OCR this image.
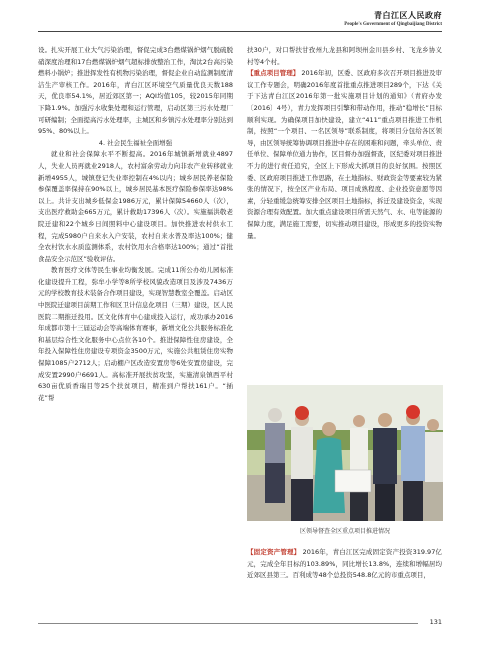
青白江区人民政府
People's Government of Qingbaijiang District

设。扎实开展工业大气污染治理，督促完成3台燃煤锅炉烟气脱硫脱硝深度治理和17台燃煤锅炉烟气超标排放整治工作，淘汰2台高污染燃料小锅炉；推进挥发性有机物污染治理，督促企业自动监测制度清洁生产审核工作。2016年，青白江区环境空气质量优良天数188天，优良率54.1%，居近郊区第一；AQI均值105，较2015年同期下降1.9%。加强污水收集处理和运行管理，启动区第三污水处理厂可研编制；全面提高污水处理率，主城区和乡镇污水处理率分别达到95%、80%以上。

4. 社会民生福祉全面增强

就业和社会保障水平不断提高。2016年城镇新增就业4897人，失业人员再就业2918人，农村富余劳动力向非农产业转移就业新增4955人，城镇登记失业率控制在4%以内；城乡居民养老保险参保覆盖率保持在90%以上，城乡居民基本医疗保险参保率达98%以上。共计支出城乡低保金1986万元，累计保障54660人（次），支出医疗救助金665万元，累计救助17396人（次）。实施福洪敬老院迁建和22个城乡日间照料中心建设项目。加快推进农村供水工程，完成5980户自来水入户安装，农村自来水普及率达100%；健全农村饮水水质监测体系，农村饮用水合格率达100%；通过“首批食品安全示范区”验收评估。

教育医疗文体等民生事业均衡发展。完成11所公办幼儿园标准化建设提升工程，弥牟小学等8所学校风貌改造项目及涉及7436万元的学校教育技术装备合作项目建设，实现智慧教室全覆盖。启动区中医院迁建项目前期工作和区卫计信息化项目（三期）建设，区人民医院二期推迁投用。区文化体育中心建成投入运行，成功承办2016年成都市第十三届运动会等高端体育赛事，新增文化公共服务标准化和基层综合性文化服务中心点位各10个。推进保障性住房建设，全年投入保障性住房建设专项资金3500万元，实施公共租赁住房实物保障1085户2712人；启动棚户区改造安置房等6处安置房建设，完成安置2990户6691人。高标准开展扶贫攻坚，实施清泉镇西平村630亩优质香瑞目等25个扶贫项目，精准到户帮扶161户。“插花”帮

扶30户，对口帮扶甘孜州九龙县和阿坝州金川县乡村、飞龙乡协义村等4个村。

【重点项目管理】 2016年初，区委、区政府多次召开项目推进及审议工作专题会，明确2016年度首批重点推进项目289个，下达《关于下达青白江区2016年第一批实施项目计划的通知》（青府办发〔2016〕4号），青力发挥项目引擎和带动作用，推动“稳增长”目标顺利实现。为确保项目加快建设，建立“411”重点项目推进工作机制，按照“一个项目、一名区领导”联系制度，将项目分包给各区领导，由区领导统筹协调项目推进中存在的困难和问题，牵头单位、责任单位、保障单位通力协作，区目督办加强督查，区纪委对项目推进不力的进行责任追究，全区上下形成大抓项目的良好氛围。按照区委、区政府项目推进工作思路，在土地指标、财政资金等要素较为紧张的情况下，按全区产业布局、项目成熟程度、企业投资意愿等因素，分轻重缓急统筹安排全区项目土地指标，拆迁及建设资金，实现资源合理有效配置。加大重点建设项目所需天然气、水、电等能源的保障力度，满足施工需要，切实推动项目建设，形成更多的投资实物量。

区领导督查全区重点项目推进情况

【固定资产管理】 2016年，青白江区完成固定资产投资319.97亿元，完成全年目标的103.89%，同比增长13.8%，连续和增幅居均近郊区县第三。百利成等48个总投资548.8亿元的市重点项目，

131
